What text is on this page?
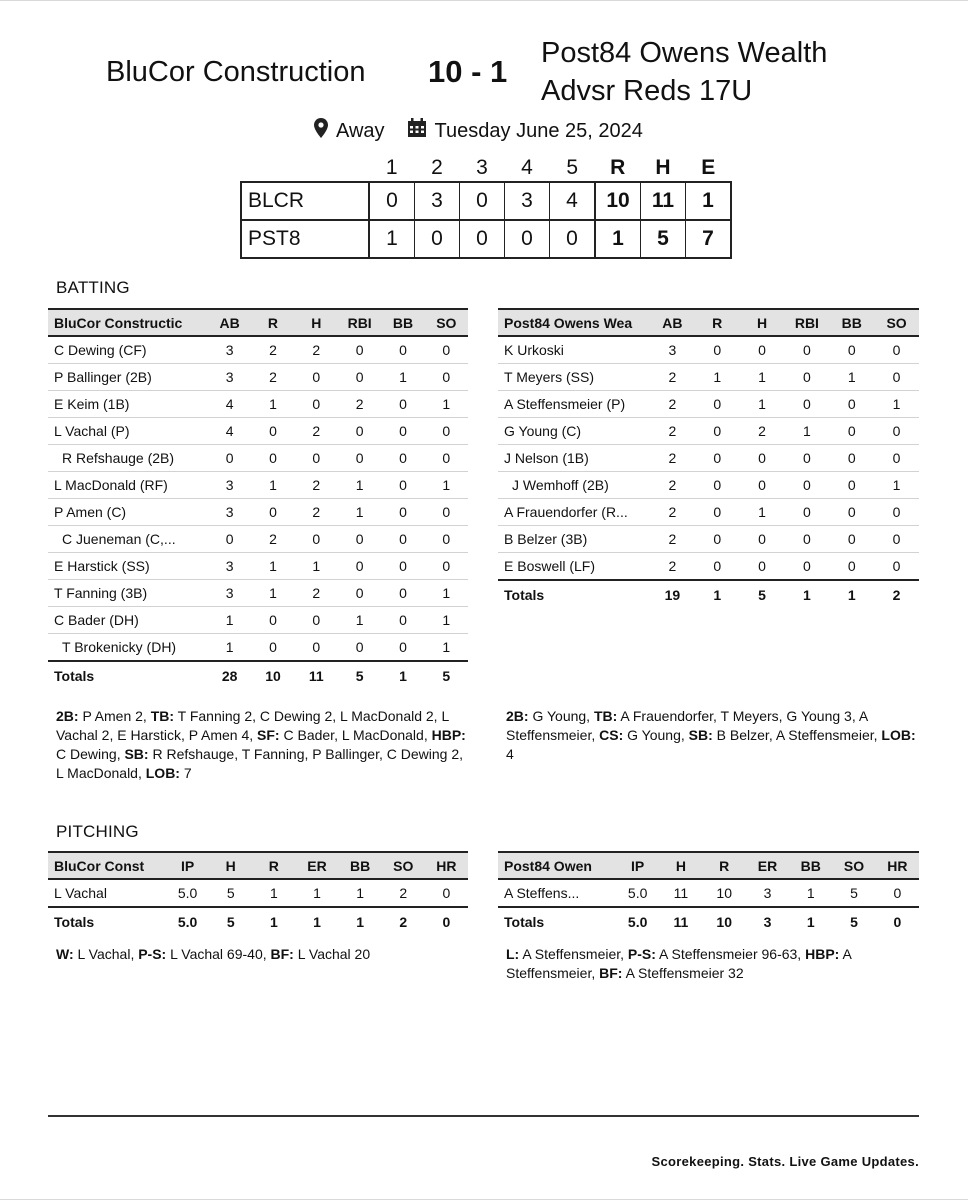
BluCor Construction 10 - 1
Post84 Owens Wealth Advsr Reds 17U
Away	Tuesday June 25, 2024
	1	2	3	4	5	R	H	E
BLCR	0	3	0	3	4	10	11	1
PST8	1	0	0	0	0	1	5	7
BATTING
BluCor Constructic	AB	R	H	RBI	BB	SO
C Dewing (CF)	3	2	2	0	0	0
P Ballinger (2B)	3	2	0	0	1	0
E Keim (1B)	4	1	0	2	0	1
L Vachal (P)	4	0	2	0	0	0
R Refshauge (2B)	0	0	0	0	0	0
L MacDonald (RF)	3	1	2	1	0	1
P Amen (C)	3	0	2	1	0	0
C Jueneman (C,...	0	2	0	0	0	0
E Harstick (SS)	3	1	1	0	0	0
T Fanning (3B)	3	1	2	0	0	1
C Bader (DH)	1	0	0	1	0	1
T Brokenicky (DH)	1	0	0	0	0	1
Totals	28	10	11	5	1	5
Post84 Owens Wea	AB	R	H	RBI	BB	SO
K Urkoski	3	0	0	0	0	0
T Meyers (SS)	2	1	1	0	1	0
A Steffensmeier (P)	2	0	1	0	0	1
G Young (C)	2	0	2	1	0	0
J Nelson (1B)	2	0	0	0	0	0
J Wemhoff (2B)	2	0	0	0	0	1
A Frauendorfer (R...	2	0	1	0	0	0
B Belzer (3B)	2	0	0	0	0	0
E Boswell (LF)	2	0	0	0	0	0
Totals	19	1	5	1	1	2
2B: P Amen 2, TB: T Fanning 2, C Dewing 2, L MacDonald 2, L Vachal 2, E Harstick, P Amen 4, SF: C Bader, L MacDonald, HBP: C Dewing, SB: R Refshauge, T Fanning, P Ballinger, C Dewing 2, L MacDonald, LOB: 7
2B: G Young, TB: A Frauendorfer, T Meyers, G Young 3, A Steffensmeier, CS: G Young, SB: B Belzer, A Steffensmeier, LOB: 4
PITCHING
BluCor Const	IP	H	R	ER	BB	SO	HR
L Vachal	5.0	5	1	1	1	2	0
Totals	5.0	5	1	1	1	2	0
Post84 Owen	IP	H	R	ER	BB	SO	HR
A Steffens...	5.0	11	10	3	1	5	0
Totals	5.0	11	10	3	1	5	0
W: L Vachal, P-S: L Vachal 69-40, BF: L Vachal 20	L: A Steffensmeier, P-S: A Steffensmeier 96-63, HBP: A Steffensmeier, BF: A Steffensmeier 32
Scorekeeping. Stats. Live Game Updates.
